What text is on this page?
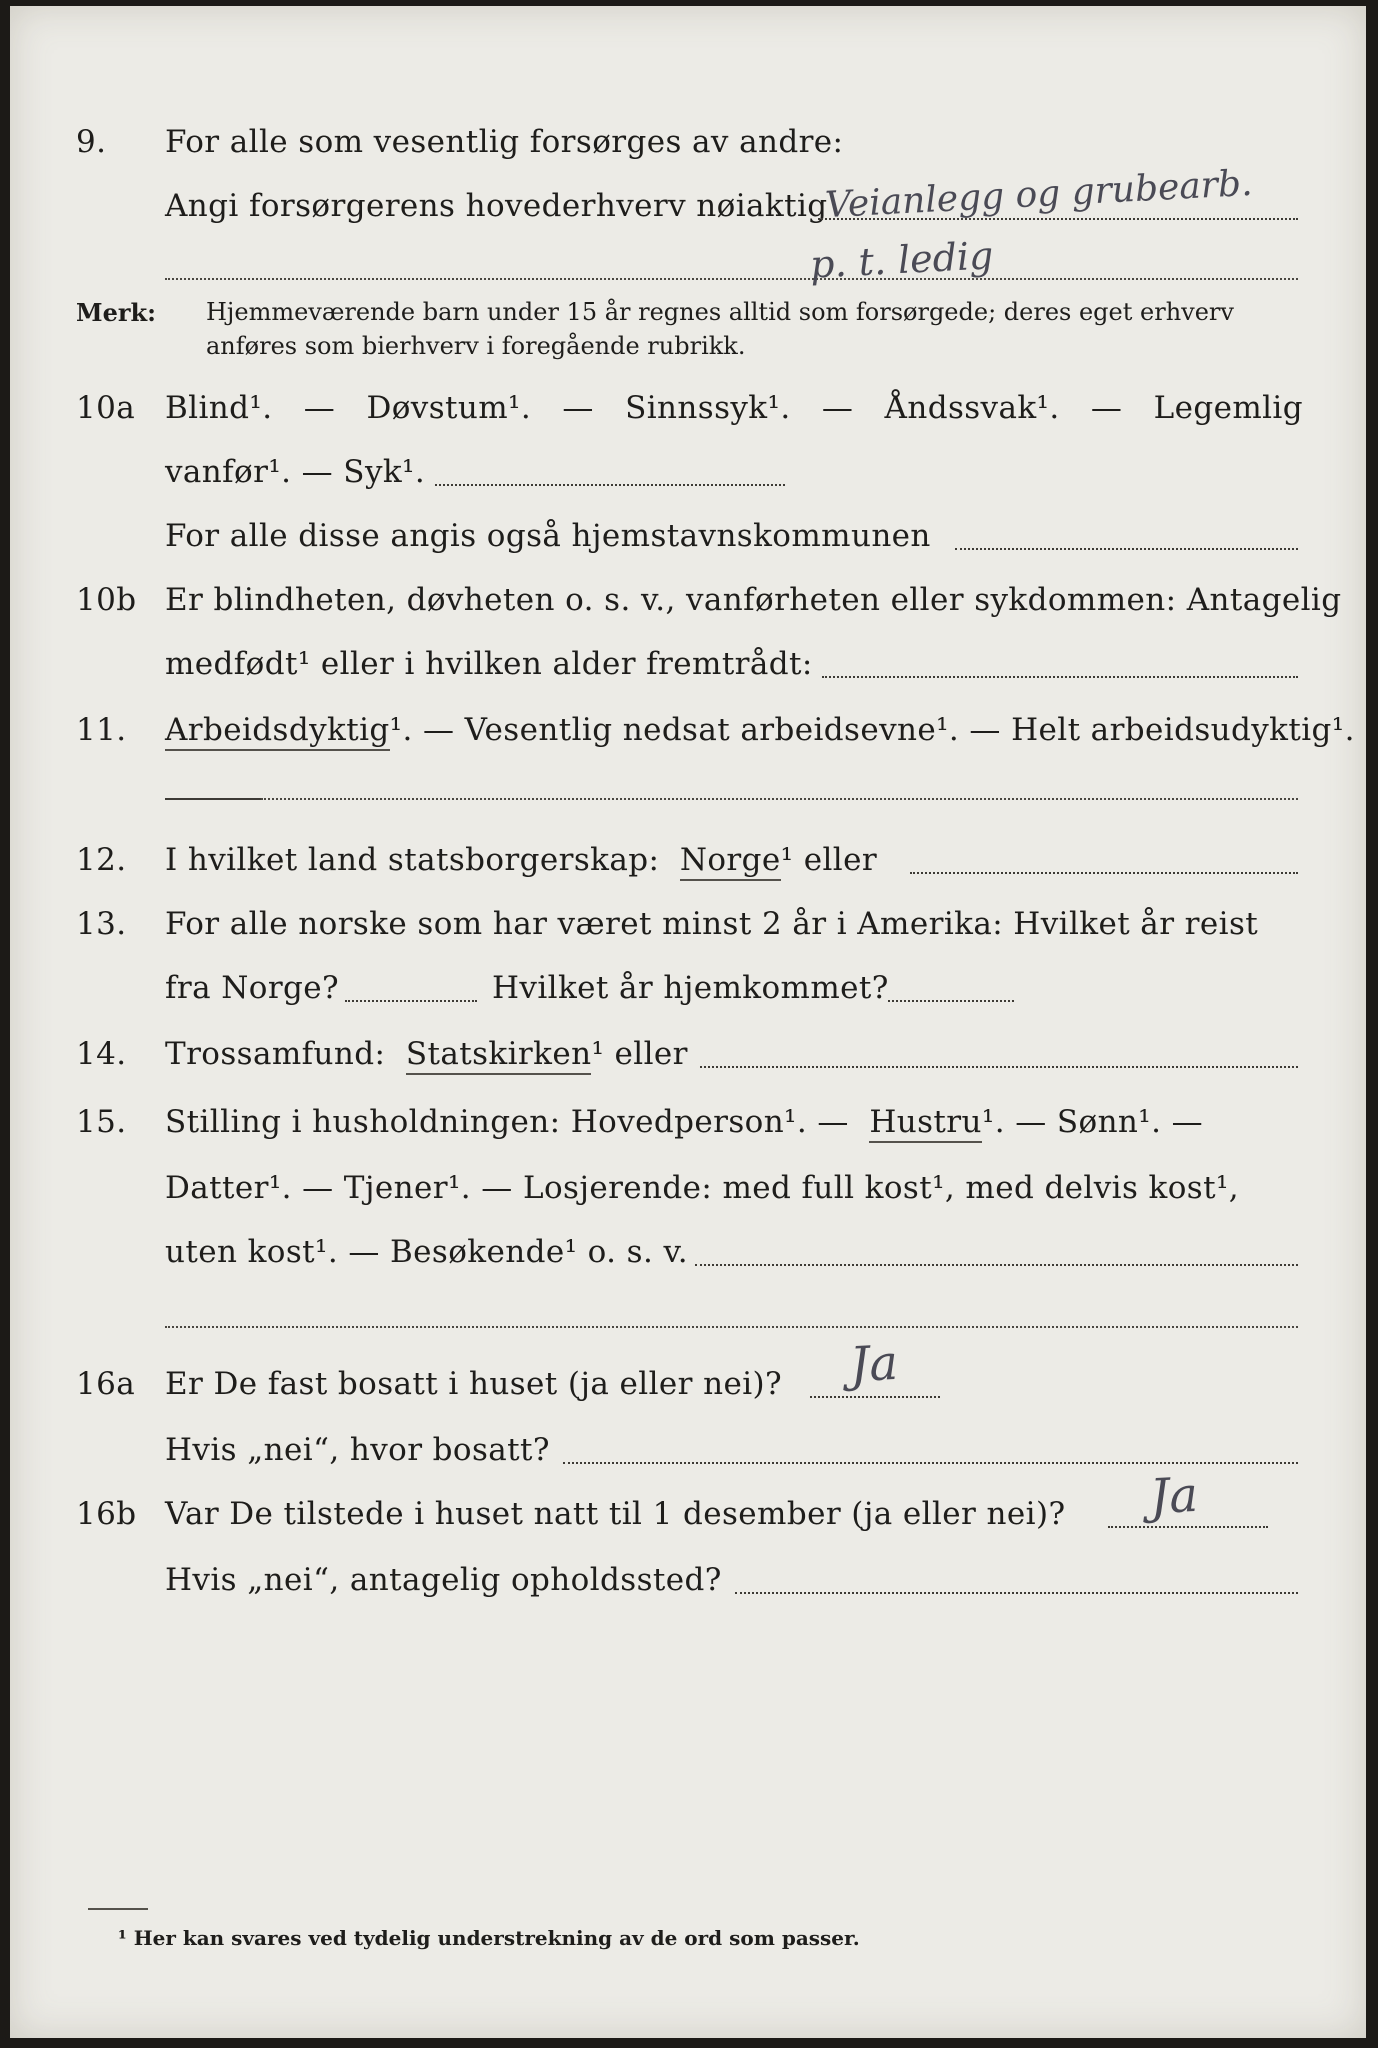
9. For alle som vesentlig forsørges av andre:
Angi forsørgerens hovederhverv nøiaktig
Veianlegg og grubearb.
p. t. ledig
Merk: Hjemmeværende barn under 15 år regnes alltid som forsørgede; deres eget erhverv
anføres som bierhverv i foregående rubrikk.
10a Blind¹. — Døvstum¹. — Sinnssyk¹. — Åndssvak¹. — Legemlig
vanfør¹. — Syk¹.
For alle disse angis også hjemstavnskommunen
10b Er blindheten, døvheten o. s. v., vanførheten eller sykdommen: Antagelig
medfødt¹ eller i hvilken alder fremtrådt:
11. Arbeidsdyktig¹. — Vesentlig nedsat arbeidsevne¹. — Helt arbeidsudyktig¹.
12. I hvilket land statsborgerskap: Norge¹ eller
13. For alle norske som har været minst 2 år i Amerika: Hvilket år reist
fra Norge?	Hvilket år hjemkommet?
14. Trossamfund: Statskirken¹ eller
15. Stilling i husholdningen: Hovedperson¹. — Hustru¹. — Sønn¹. —
Datter¹. — Tjener¹. — Losjerende: med full kost¹, med delvis kost¹,
uten kost¹. — Besøkende¹ o. s. v.
16a Er De fast bosatt i huset (ja eller nei)? Ja
Hvis „nei“, hvor bosatt?
16b Var De tilstede i huset natt til 1 desember (ja eller nei)? Ja
Hvis „nei“, antagelig opholdssted?
¹ Her kan svares ved tydelig understrekning av de ord som passer.
